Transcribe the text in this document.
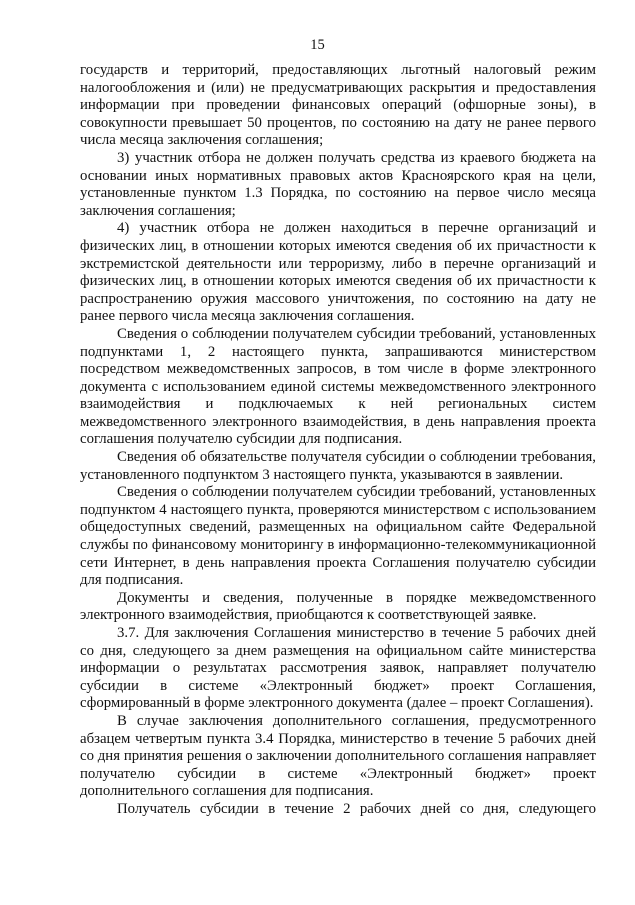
15

государств и территорий, предоставляющих льготный налоговый режим налогообложения и (или) не предусматривающих раскрытия и предоставления информации при проведении финансовых операций (офшорные зоны), в совокупности превышает 50 процентов, по состоянию на дату не ранее первого числа месяца заключения соглашения;

3) участник отбора не должен получать средства из краевого бюджета на основании иных нормативных правовых актов Красноярского края на цели, установленные пунктом 1.3 Порядка, по состоянию на первое число месяца заключения соглашения;

4) участник отбора не должен находиться в перечне организаций и физических лиц, в отношении которых имеются сведения об их причастности к экстремистской деятельности или терроризму, либо в перечне организаций и физических лиц, в отношении которых имеются сведения об их причастности к распространению оружия массового уничтожения, по состоянию на дату не ранее первого числа месяца заключения соглашения.

Сведения о соблюдении получателем субсидии требований, установленных подпунктами 1, 2 настоящего пункта, запрашиваются министерством посредством межведомственных запросов, в том числе в форме электронного документа с использованием единой системы межведомственного электронного взаимодействия и подключаемых к ней региональных систем межведомственного электронного взаимодействия, в день направления проекта соглашения получателю субсидии для подписания.

Сведения об обязательстве получателя субсидии о соблюдении требования, установленного подпунктом 3 настоящего пункта, указываются в заявлении.

Сведения о соблюдении получателем субсидии требований, установленных подпунктом 4 настоящего пункта, проверяются министерством с использованием общедоступных сведений, размещенных на официальном сайте Федеральной службы по финансовому мониторингу в информационно-телекоммуникационной сети Интернет, в день направления проекта Соглашения получателю субсидии для подписания.

Документы и сведения, полученные в порядке межведомственного электронного взаимодействия, приобщаются к соответствующей заявке.

3.7. Для заключения Соглашения министерство в течение 5 рабочих дней со дня, следующего за днем размещения на официальном сайте министерства информации о результатах рассмотрения заявок, направляет получателю субсидии в системе «Электронный бюджет» проект Соглашения, сформированный в форме электронного документа (далее – проект Соглашения).

В случае заключения дополнительного соглашения, предусмотренного абзацем четвертым пункта 3.4 Порядка, министерство в течение 5 рабочих дней со дня принятия решения о заключении дополнительного соглашения направляет получателю субсидии в системе «Электронный бюджет» проект дополнительного соглашения для подписания.

Получатель субсидии в течение 2 рабочих дней со дня, следующего
